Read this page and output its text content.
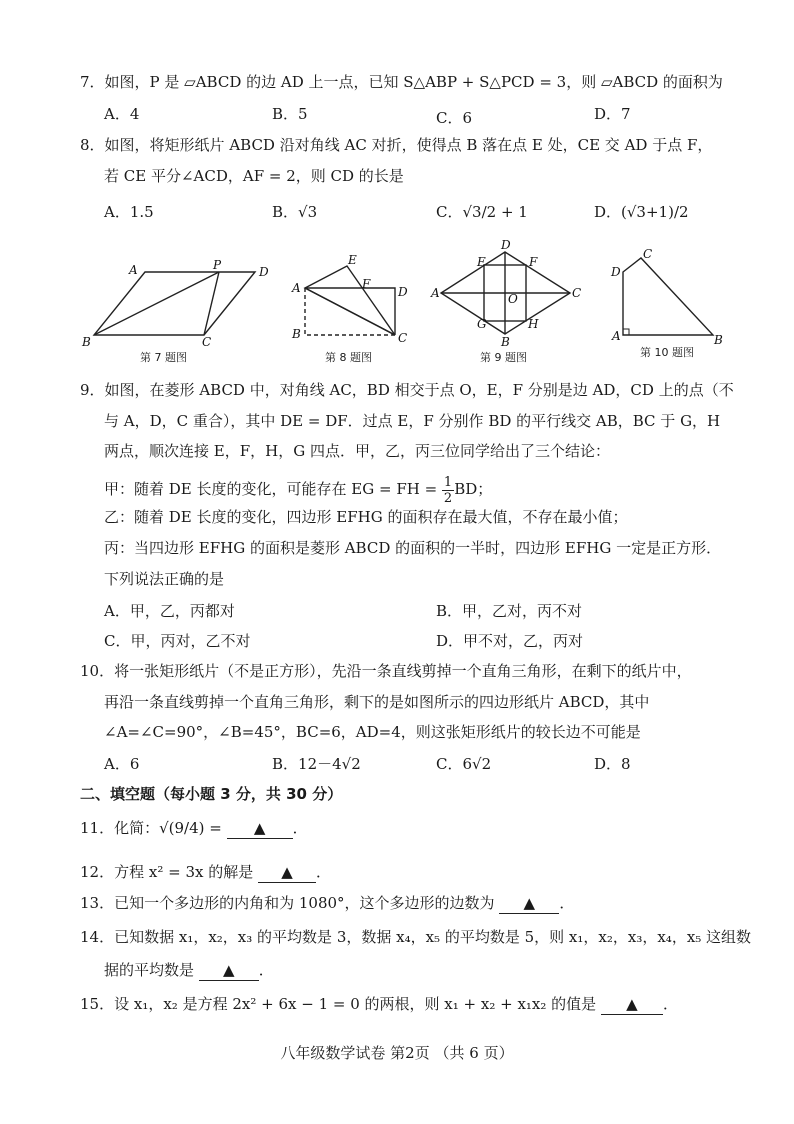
7．如图，P 是 ▱ABCD 的边 AD 上一点，已知 S△ABP + S△PCD = 3，则 ▱ABCD 的面积为
A．4	B．5	C．6	D．7
8．如图，将矩形纸片 ABCD 沿对角线 AC 对折，使得点 B 落在点 E 处，CE 交 AD 于点 F，
若 CE 平分∠ACD，AF = 2，则 CD 的长是
A．1.5	B．√3	C．√3/2 + 1	D．(√3+1)/2
A	P	D
B	C
E
A	F
D
B	C
D
E	F
A	O	C
G	H
B
C
D
A	B
第 7 题图	第 8 题图	第 9 题图	第 10 题图
9．如图，在菱形 ABCD 中，对角线 AC，BD 相交于点 O，E，F 分别是边 AD，CD 上的点（不
与 A，D，C 重合），其中 DE = DF．过点 E，F 分别作 BD 的平行线交 AB，BC 于 G，H
两点，顺次连接 E，F，H，G 四点．甲，乙，丙三位同学给出了三个结论：
甲：随着 DE 长度的变化，可能存在 EG = FH = $\frac{1}{2}$ BD；
乙：随着 DE 长度的变化，四边形 EFHG 的面积存在最大值，不存在最小值；
丙：当四边形 EFHG 的面积是菱形 ABCD 的面积的一半时，四边形 EFHG 一定是正方形．
下列说法正确的是
A．甲，乙，丙都对	B．甲，乙对，丙不对
C．甲，丙对，乙不对	D．甲不对，乙，丙对
10．将一张矩形纸片（不是正方形），先沿一条直线剪掉一个直角三角形，在剩下的纸片中，
再沿一条直线剪掉一个直角三角形，剩下的是如图所示的四边形纸片 ABCD，其中
∠A=∠C=90°，∠B=45°，BC=6，AD=4，则这张矩形纸片的较长边不可能是
A．6	B．12－4√2	C．6√2	D．8
二、填空题（每小题 3 分，共 30 分）
11．化简：√(9/4) = ▲ ．
12．方程 x² = 3x 的解是 ▲ ．
13．已知一个多边形的内角和为 1080°，这个多边形的边数为 ▲ ．
14．已知数据 x₁，x₂，x₃ 的平均数是 3，数据 x₄，x₅ 的平均数是 5，则 x₁，x₂，x₃，x₄，x₅ 这组数
据的平均数是 ▲ ．
15．设 x₁，x₂ 是方程 2x² + 6x − 1 = 0 的两根，则 x₁ + x₂ + x₁x₂ 的值是 ▲ ．
八年级数学试卷 第2页 （共 6 页）
